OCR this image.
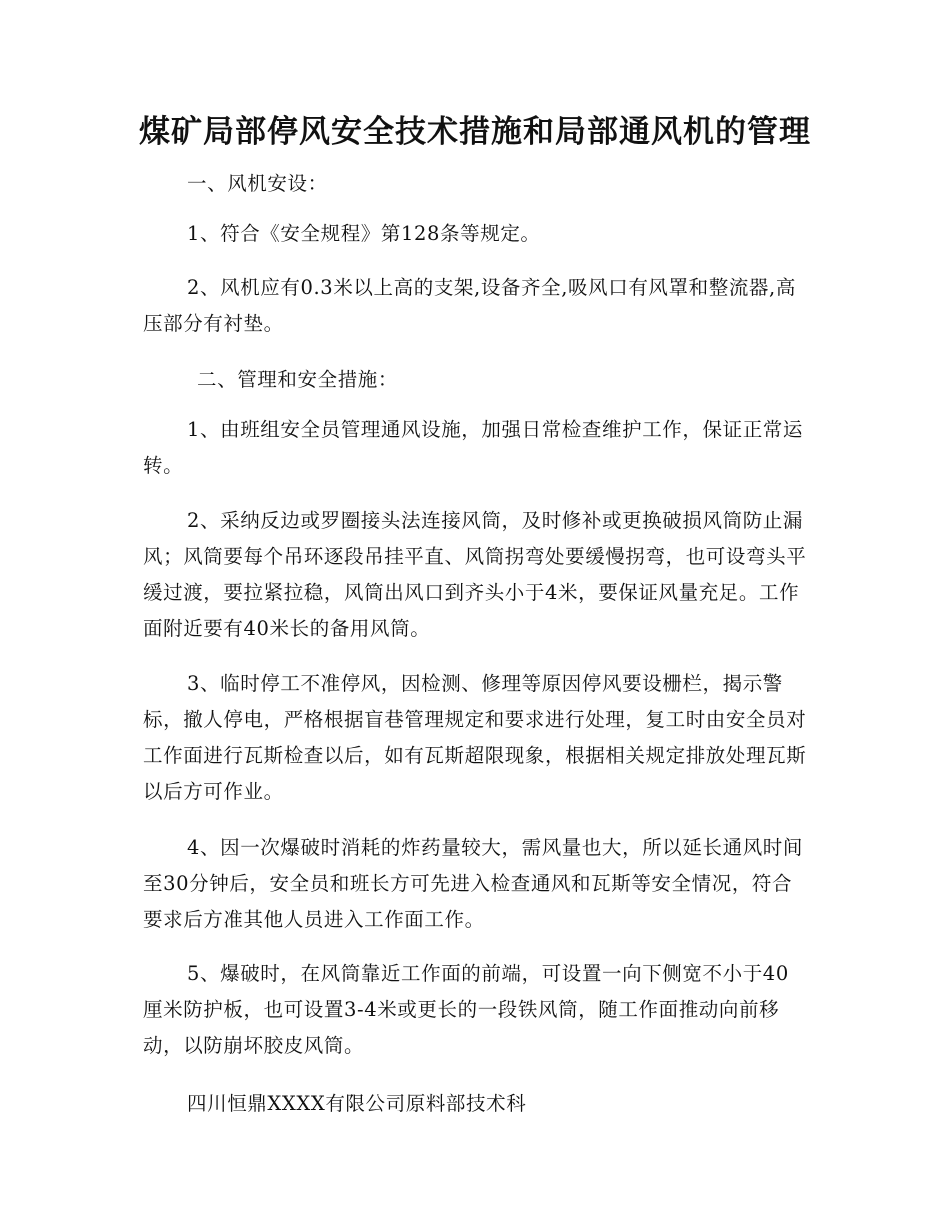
煤矿局部停风安全技术措施和局部通风机的管理

一、风机安设：

1、符合《安全规程》第128条等规定。

2、风机应有0.3米以上高的支架,设备齐全,吸风口有风罩和整流器,高压部分有衬垫。

二、管理和安全措施：

1、由班组安全员管理通风设施，加强日常检查维护工作，保证正常运转。

2、采纳反边或罗圈接头法连接风筒，及时修补或更换破损风筒防止漏风；风筒要每个吊环逐段吊挂平直、风筒拐弯处要缓慢拐弯，也可设弯头平缓过渡，要拉紧拉稳，风筒出风口到齐头小于4米，要保证风量充足。工作面附近要有40米长的备用风筒。

3、临时停工不准停风，因检测、修理等原因停风要设栅栏，揭示警标，撤人停电，严格根据盲巷管理规定和要求进行处理，复工时由安全员对工作面进行瓦斯检查以后，如有瓦斯超限现象，根据相关规定排放处理瓦斯以后方可作业。

4、因一次爆破时消耗的炸药量较大，需风量也大，所以延长通风时间至30分钟后，安全员和班长方可先进入检查通风和瓦斯等安全情况，符合要求后方准其他人员进入工作面工作。

5、爆破时，在风筒靠近工作面的前端，可设置一向下侧宽不小于40厘米防护板，也可设置3-4米或更长的一段铁风筒，随工作面推动向前移动，以防崩坏胶皮风筒。

四川恒鼎XXXX有限公司原料部技术科
